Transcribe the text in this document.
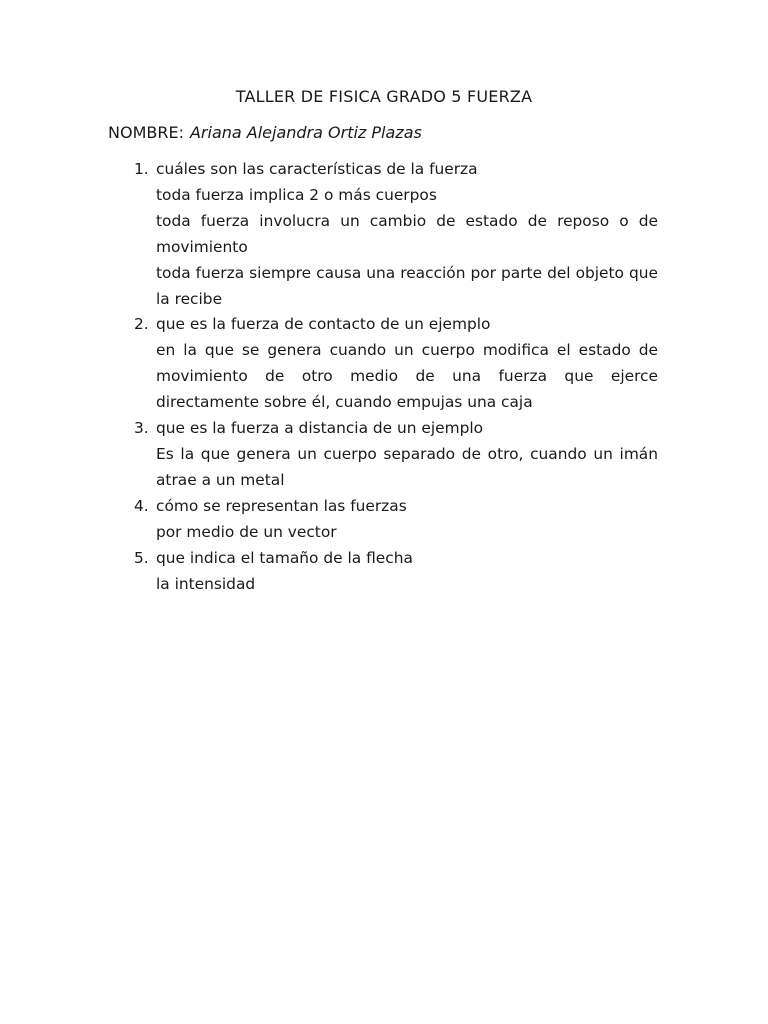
TALLER DE FISICA GRADO 5 FUERZA

NOMBRE: Ariana Alejandra Ortiz Plazas

1. cuáles son las características de la fuerza
toda fuerza implica 2 o más cuerpos
toda fuerza involucra un cambio de estado de reposo o de movimiento
toda fuerza siempre causa una reacción por parte del objeto que la recibe
2. que es la fuerza de contacto de un ejemplo
en la que se genera cuando un cuerpo modifica el estado de movimiento de otro medio de una fuerza que ejerce directamente sobre él, cuando empujas una caja
3. que es la fuerza a distancia de un ejemplo
Es la que genera un cuerpo separado de otro, cuando un imán atrae a un metal
4. cómo se representan las fuerzas
por medio de un vector
5. que indica el tamaño de la flecha
la intensidad
